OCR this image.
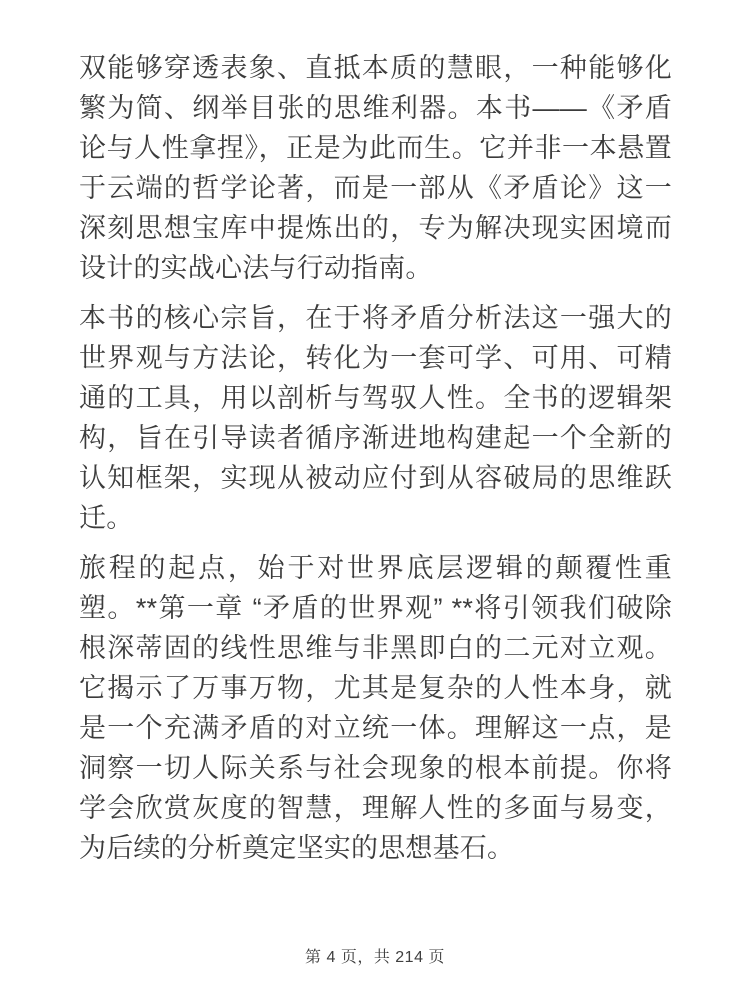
双能够穿透表象、直抵本质的慧眼，一种能够化繁为简、纲举目张的思维利器。本书——《矛盾论与人性拿捏》，正是为此而生。它并非一本悬置于云端的哲学论著，而是一部从《矛盾论》这一深刻思想宝库中提炼出的，专为解决现实困境而设计的实战心法与行动指南。

本书的核心宗旨，在于将矛盾分析法这一强大的世界观与方法论，转化为一套可学、可用、可精通的工具，用以剖析与驾驭人性。全书的逻辑架构，旨在引导读者循序渐进地构建起一个全新的认知框架，实现从被动应付到从容破局的思维跃迁。

旅程的起点，始于对世界底层逻辑的颠覆性重塑。**第一章 “矛盾的世界观” **将引领我们破除根深蒂固的线性思维与非黑即白的二元对立观。它揭示了万事万物，尤其是复杂的人性本身，就是一个充满矛盾的对立统一体。理解这一点，是洞察一切人际关系与社会现象的根本前提。你将学会欣赏灰度的智慧，理解人性的多面与易变，为后续的分析奠定坚实的思想基石。

第 4 页，共 214 页
